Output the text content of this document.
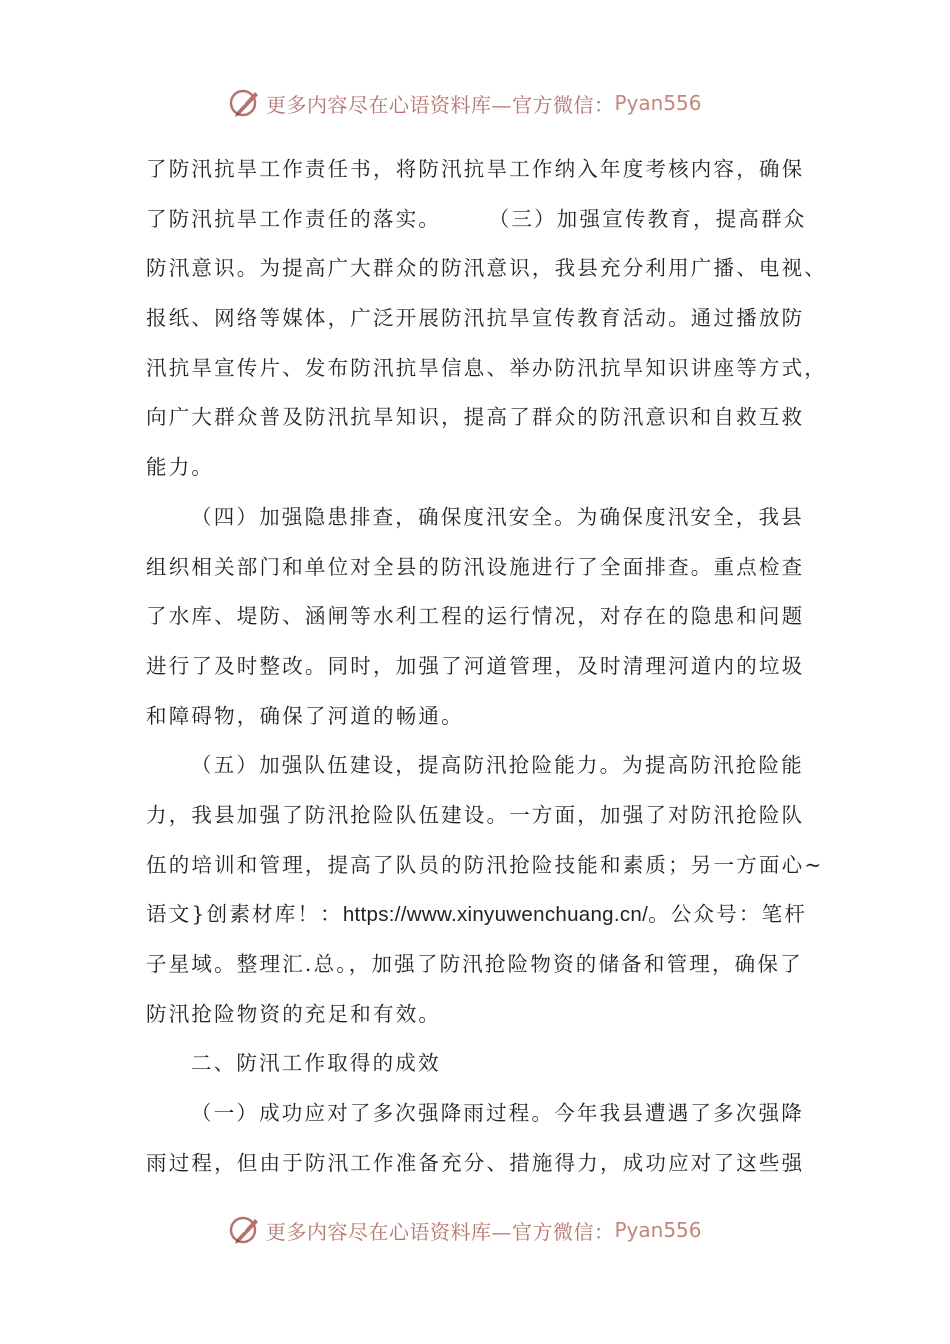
更多内容尽在心语资料库—官方微信： Pyan556
了防汛抗旱工作责任书，将防汛抗旱工作纳入年度考核内容，确保
了防汛抗旱工作责任的落实。　　　（三）加强宣传教育，提高群众
防汛意识。为提高广大群众的防汛意识，我县充分利用广播、电视、
报纸、网络等媒体，广泛开展防汛抗旱宣传教育活动。通过播放防
汛抗旱宣传片、发布防汛抗旱信息、举办防汛抗旱知识讲座等方式，
向广大群众普及防汛抗旱知识，提高了群众的防汛意识和自救互救
能力。
（四）加强隐患排查，确保度汛安全。为确保度汛安全，我县
组织相关部门和单位对全县的防汛设施进行了全面排查。重点检查
了水库、堤防、涵闸等水利工程的运行情况，对存在的隐患和问题
进行了及时整改。同时，加强了河道管理，及时清理河道内的垃圾
和障碍物，确保了河道的畅通。
（五）加强队伍建设，提高防汛抢险能力。为提高防汛抢险能
力，我县加强了防汛抢险队伍建设。一方面，加强了对防汛抢险队
伍的培训和管理，提高了队员的防汛抢险技能和素质；另一方面心~
语文}创素材库！：https://www.xinyuwenchuang.cn/。公众号：笔杆
子星域。整理汇.总。，加强了防汛抢险物资的储备和管理，确保了
防汛抢险物资的充足和有效。
二、防汛工作取得的成效
（一）成功应对了多次强降雨过程。今年我县遭遇了多次强降
雨过程，但由于防汛工作准备充分、措施得力，成功应对了这些强
更多内容尽在心语资料库—官方微信： Pyan556
